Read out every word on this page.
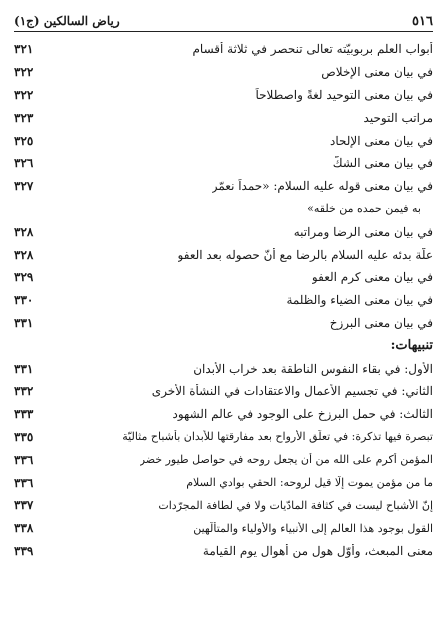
٥١٦
رياض السالكين (ج١)
أبواب العلم بربوبيّته تعالى تنحصر في ثلاثة أقسام
٣٢١
في بيان معنى الإخلاص
٣٢٢
في بيان معنى التوحيد لغةً واصطلاحاً
٣٢٢
مراتب التوحيد
٣٢٣
في بيان معنى الإلحاد
٣٢٥
في بيان معنى الشكّ
٣٢٦
في بيان معنى قوله عليه السلام: «حمداً نعمّر
٣٢٧
به فيمن حمده من خلقه»
في بيان معنى الرضا ومراتبه
٣٢٨
علّة بدئه عليه السلام بالرضا مع أنّ حصوله بعد العفو
٣٢٨
في بيان معنى كرم العفو
٣٢٩
في بيان معنى الضياء والظلمة
٣٣٠
في بيان معنى البرزخ
٣٣١
تنبيهات:
الأول: في بقاء النفوس الناطقة بعد خراب الأبدان
٣٣١
الثاني: في تجسيم الأعمال والاعتقادات في النشأة الأخرى
٣٣٢
الثالث: في حمل البرزخ على الوجود في عالم الشهود
٣٣٣
تبصرة فيها تذكرة: في تعلّق الأرواح بعد مفارقتها للأبدان بأشباح مثاليّة
٣٣٥
المؤمن أكرم على الله من أن يجعل روحه في حواصل طيور خضر
٣٣٦
ما من مؤمن يموت إلّا قيل لروحه: الحقي بوادي السلام
٣٣٦
إنّ الأشباح ليست في كثافة المادّيات ولا في لطافة المجرّدات
٣٣٧
القول بوجود هذا العالم إلى الأنبياء والأولياء والمتألّهين
٣٣٨
معنى المبعث، وأوّل هول من أهوال يوم القيامة
٣٣٩
